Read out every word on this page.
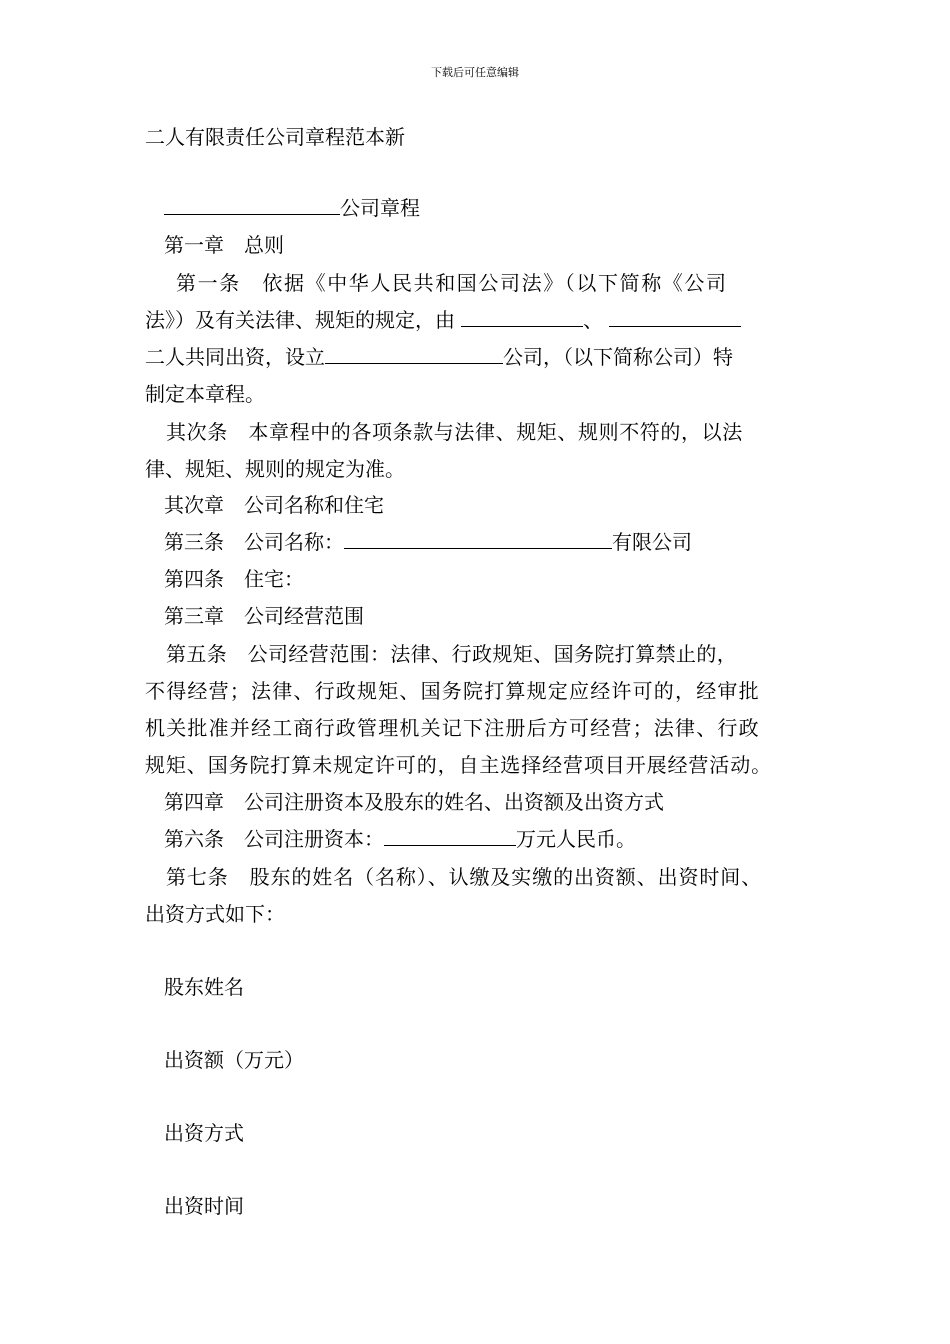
下载后可任意编辑
二人有限责任公司章程范本新
公司章程
第一章　总则
第一条　依据《中华人民共和国公司法》（以下简称《公司
法》）及有关法律、规矩的规定，由	、
二人共同出资，设立	公司，（以下简称公司）特
制定本章程。
其次条　本章程中的各项条款与法律、规矩、规则不符的，以法
律、规矩、规则的规定为准。
其次章　公司名称和住宅
第三条　公司名称：	有限公司
第四条　住宅：
第三章　公司经营范围
第五条　公司经营范围：法律、行政规矩、国务院打算禁止的，
不得经营；法律、行政规矩、国务院打算规定应经许可的，经审批
机关批准并经工商行政管理机关记下注册后方可经营；法律、行政
规矩、国务院打算未规定许可的，自主选择经营项目开展经营活动。
第四章　公司注册资本及股东的姓名、出资额及出资方式
第六条　公司注册资本：	万元人民币。
第七条　股东的姓名（名称）、认缴及实缴的出资额、出资时间、
出资方式如下：
股东姓名
出资额（万元）
出资方式
出资时间
